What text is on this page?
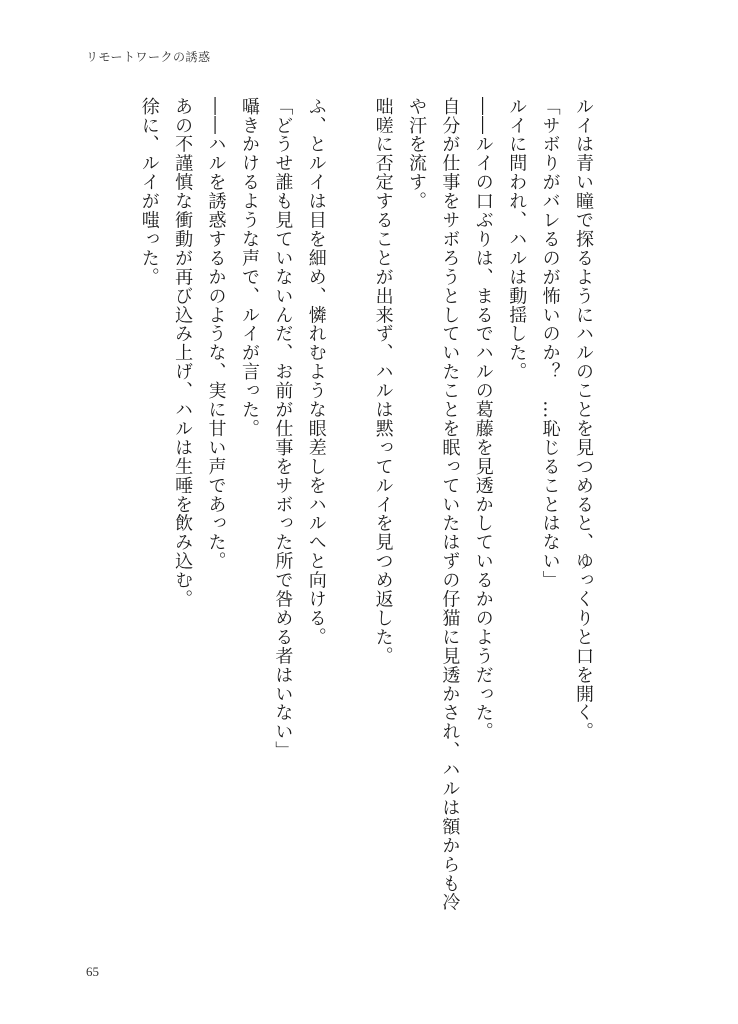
リモートワークの誘惑
ルイは青い瞳で探るようにハルのことを見つめると、ゆっくりと口を開く。
「サボりがバレるのが怖いのか？　…恥じることはない」
ルイに問われ、ハルは動揺した。
――ルイの口ぶりは、まるでハルの葛藤を見透かしているかのようだった。
自分が仕事をサボろうとしていたことを眠っていたはずの仔猫に見透かされ、ハルは額からも冷
や汗を流す。
咄嗟に否定することが出来ず、ハルは黙ってルイを見つめ返した。
ふ、とルイは目を細め、憐れむような眼差しをハルへと向ける。
「どうせ誰も見ていないんだ、お前が仕事をサボった所で咎める者はいない」
囁きかけるような声で、ルイが言った。
――ハルを誘惑するかのような、実に甘い声であった。
あの不謹慎な衝動が再び込み上げ、ハルは生唾を飲み込む。
徐に、ルイが嗤った。
65
